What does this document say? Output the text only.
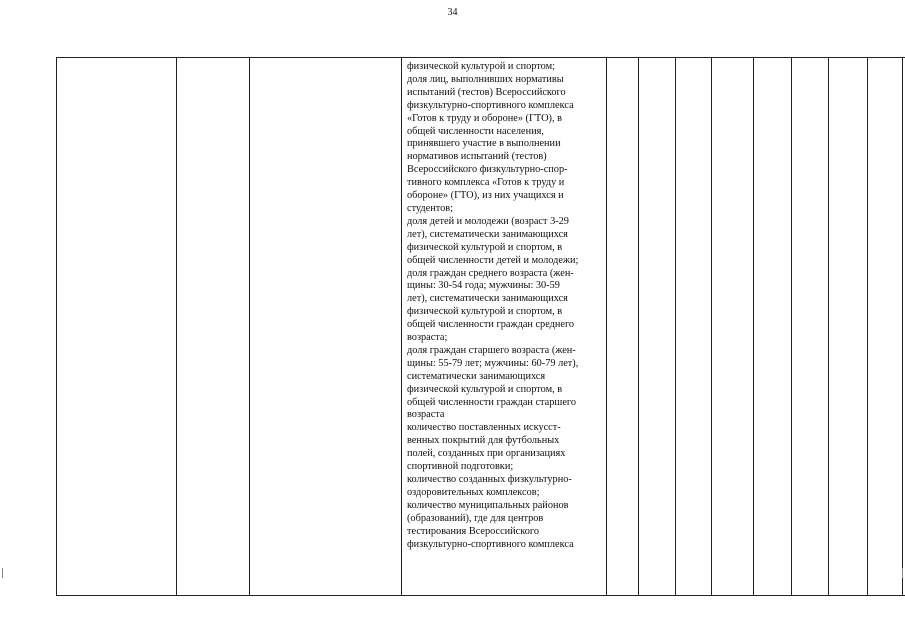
34

физической культурой и спортом;
доля лиц, выполнивших нормативы
испытаний (тестов) Всероссийского
физкультурно-спортивного комплекса
«Готов к труду и обороне» (ГТО), в
общей численности населения,
принявшего участие в выполнении
нормативов испытаний (тестов)
Всероссийского физкультурно-спор-
тивного комплекса «Готов к труду и
обороне» (ГТО), из них учащихся и
студентов;
доля детей и молодежи (возраст 3-29
лет), систематически занимающихся
физической культурой и спортом, в
общей численности детей и молодежи;
доля граждан среднего возраста (жен-
щины: 30-54 года; мужчины: 30-59
лет), систематически занимающихся
физической культурой и спортом, в
общей численности граждан среднего
возраста;
доля граждан старшего возраста (жен-
щины: 55-79 лет; мужчины: 60-79 лет),
систематически занимающихся
физической культурой и спортом, в
общей численности граждан старшего
возраста
количество поставленных искусст-
венных покрытий для футбольных
полей, созданных при организациях
спортивной подготовки;
количество созданных физкультурно-
оздоровительных комплексов;
количество муниципальных районов
(образований), где для центров
тестирования Всероссийского
физкультурно-спортивного комплекса
